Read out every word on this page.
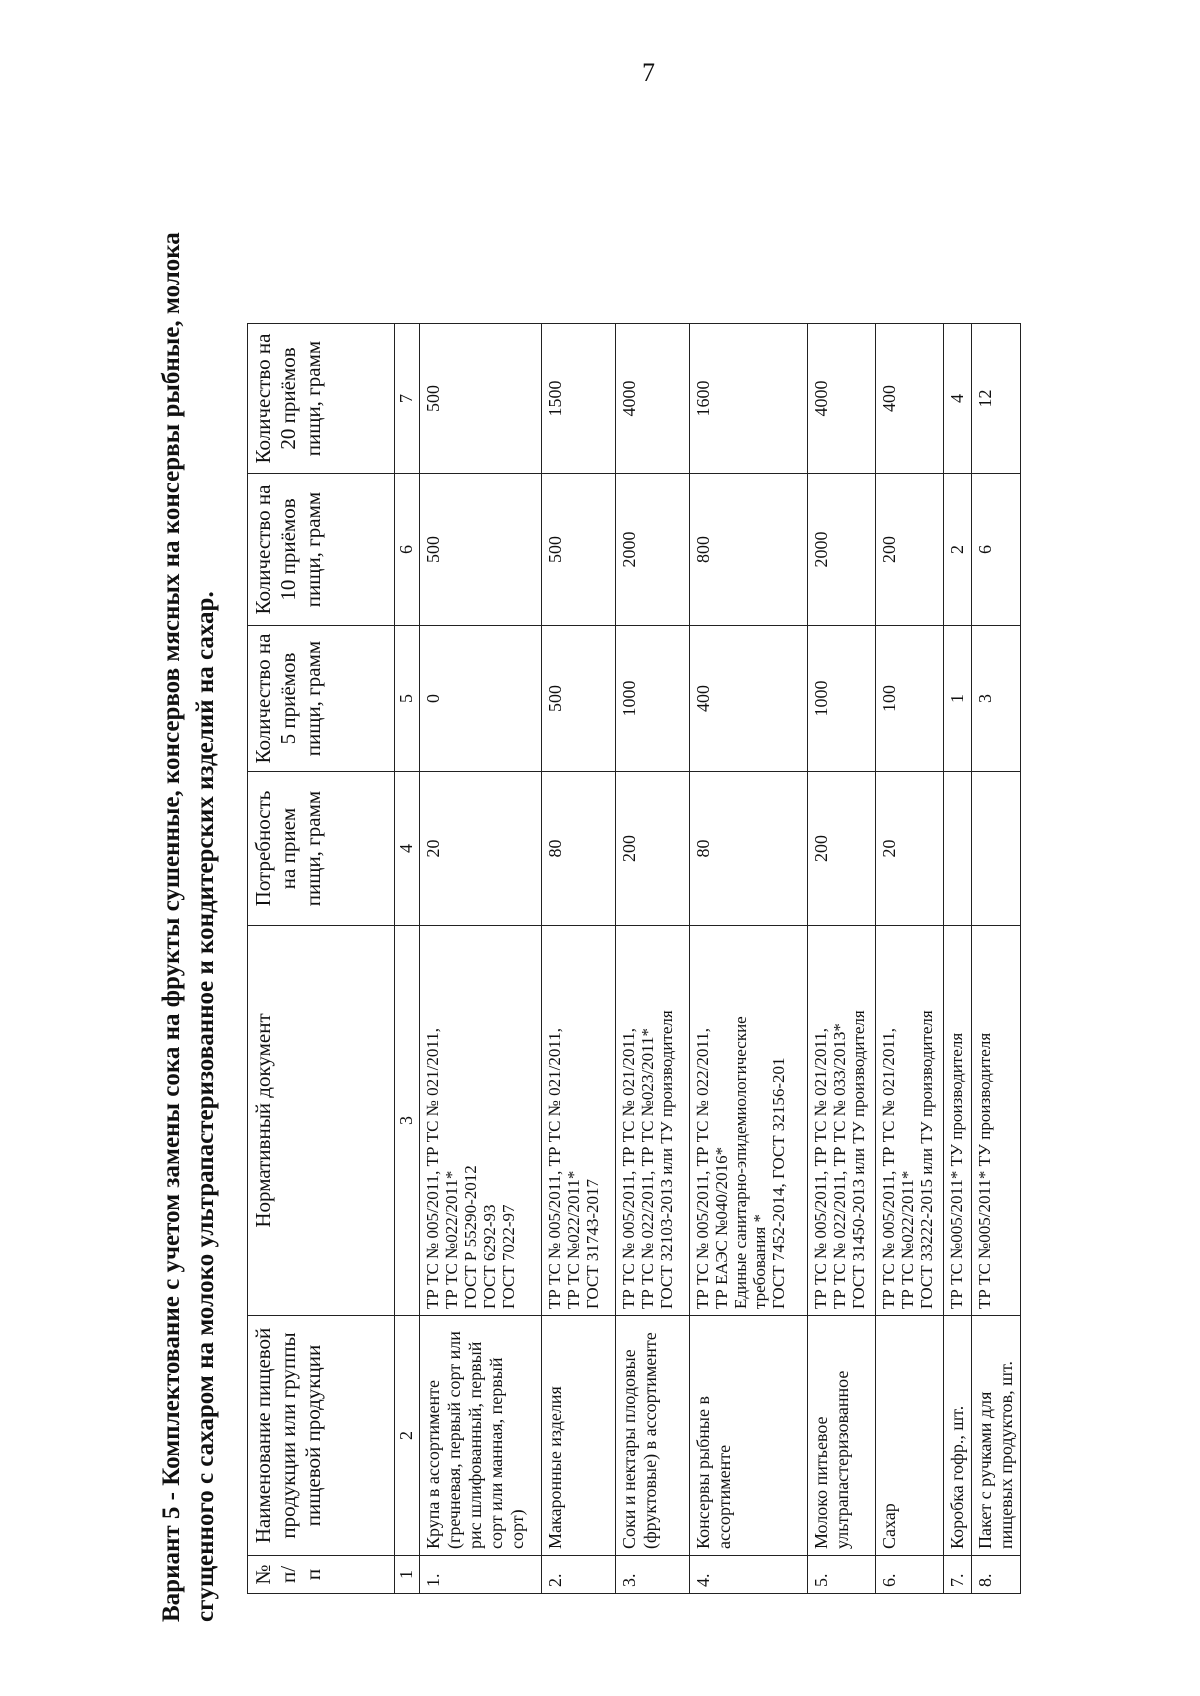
7
Вариант 5 - Комплектование с учетом замены сока на фрукты сушенные, консервов мясных на консервы рыбные, молока сгущенного с сахаром на молоко ультрапастеризованное и кондитерских изделий на сахар. № п/п	Наименование пищевой продукции или группы пищевой продукции	Нормативный документ	Потребность на прием пищи, грамм	Количество на 5 приёмов пищи, грамм	Количество на 10 приёмов пищи, грамм	Количество на 20 приёмов пищи, грамм
1	2	3	4	5	6	7
1.	Крупа в ассортименте (гречневая, первый сорт или рис шлифованный, первый сорт или манная, первый сорт)	ТР ТС № 005/2011, ТР ТС № 021/2011, ТР ТС №022/2011* ГОСТ Р 55290-2012 ГОСТ 6292-93 ГОСТ 7022-97	20	0	500	500
2.	Макаронные изделия	ТР ТС № 005/2011, ТР ТС № 021/2011, ТР ТС №022/2011* ГОСТ 31743-2017	80	500	500	1500
3.	Соки и нектары плодовые (фруктовые) в ассортименте	ТР ТС № 005/2011, ТР ТС № 021/2011, ТР ТС № 022/2011, ТР ТС №023/2011* ГОСТ 32103-2013 или ТУ производителя	200	1000	2000	4000
4.	Консервы рыбные в ассортименте	ТР ТС № 005/2011, ТР ТС № 022/2011, ТР ЕАЭС №040/2016* Единые санитарно-эпидемиологические требования * ГОСТ 7452-2014, ГОСТ 32156-201	80	400	800	1600
5.	Молоко питьевое ультрапастеризованное	ТР ТС № 005/2011, ТР ТС № 021/2011, ТР ТС № 022/2011, ТР ТС № 033/2013* ГОСТ 31450-2013 или ТУ производителя	200	1000	2000	4000
6.	Сахар	ТР ТС № 005/2011, ТР ТС № 021/2011, ТР ТС №022/2011* ГОСТ 33222-2015 или ТУ производителя	20	100	200	400
7.	Коробка гофр., шт.	ТР ТС №005/2011* ТУ производителя		1	2	4
8.	Пакет с ручками для пищевых продуктов, шт.	ТР ТС №005/2011* ТУ производителя		3	6	12
